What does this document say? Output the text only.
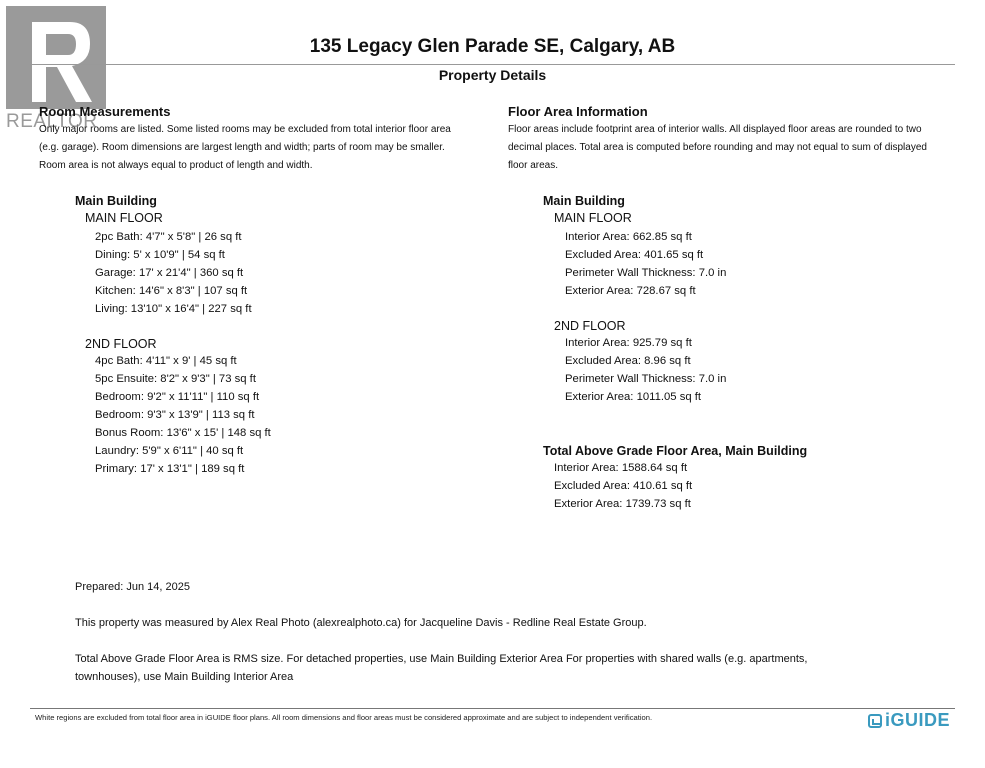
REALTOR
135 Legacy Glen Parade SE, Calgary, AB
Property Details
Room Measurements
Only major rooms are listed. Some listed rooms may be excluded from total interior floor area
(e.g. garage). Room dimensions are largest length and width; parts of room may be smaller.
Room area is not always equal to product of length and width.
Main Building
MAIN FLOOR
2pc Bath: 4'7" x 5'8" | 26 sq ft
Dining: 5' x 10'9" | 54 sq ft
Garage: 17' x 21'4" | 360 sq ft
Kitchen: 14'6" x 8'3" | 107 sq ft
Living: 13'10" x 16'4" | 227 sq ft
2ND FLOOR
4pc Bath: 4'11" x 9' | 45 sq ft
5pc Ensuite: 8'2" x 9'3" | 73 sq ft
Bedroom: 9'2" x 11'11" | 110 sq ft
Bedroom: 9'3" x 13'9" | 113 sq ft
Bonus Room: 13'6" x 15' | 148 sq ft
Laundry: 5'9" x 6'11" | 40 sq ft
Primary: 17' x 13'1" | 189 sq ft
Floor Area Information
Floor areas include footprint area of interior walls. All displayed floor areas are rounded to two
decimal places. Total area is computed before rounding and may not equal to sum of displayed
floor areas.
Main Building
MAIN FLOOR
Interior Area: 662.85 sq ft
Excluded Area: 401.65 sq ft
Perimeter Wall Thickness: 7.0 in
Exterior Area: 728.67 sq ft
2ND FLOOR
Interior Area: 925.79 sq ft
Excluded Area: 8.96 sq ft
Perimeter Wall Thickness: 7.0 in
Exterior Area: 1011.05 sq ft
Total Above Grade Floor Area, Main Building
Interior Area: 1588.64 sq ft
Excluded Area: 410.61 sq ft
Exterior Area: 1739.73 sq ft
Prepared: Jun 14, 2025
This property was measured by Alex Real Photo (alexrealphoto.ca) for Jacqueline Davis - Redline Real Estate Group.
Total Above Grade Floor Area is RMS size. For detached properties, use Main Building Exterior Area For properties with shared walls (e.g. apartments,
townhouses), use Main Building Interior Area
White regions are excluded from total floor area in iGUIDE floor plans. All room dimensions and floor areas must be considered approximate and are subject to independent verification.	iGUIDE
